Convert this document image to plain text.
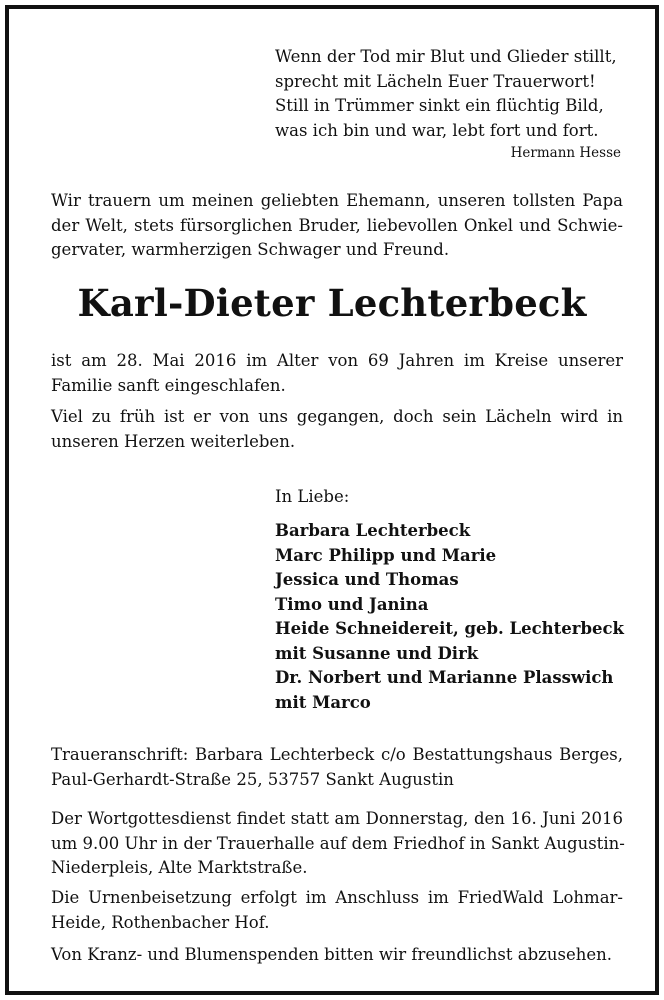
Wenn der Tod mir Blut und Glieder stillt,
sprecht mit Lächeln Euer Trauerwort!
Still in Trümmer sinkt ein flüchtig Bild,
was ich bin und war, lebt fort und fort.
Hermann Hesse
Wir trauern um meinen geliebten Ehemann, unseren tollsten Papa
der Welt, stets fürsorglichen Bruder, liebevollen Onkel und Schwie-
gervater, warmherzigen Schwager und Freund.
Karl-Dieter Lechterbeck
ist am 28. Mai 2016 im Alter von 69 Jahren im Kreise unserer
Familie sanft eingeschlafen.
Viel zu früh ist er von uns gegangen, doch sein Lächeln wird in
unseren Herzen weiterleben.
In Liebe:
Barbara Lechterbeck
Marc Philipp und Marie
Jessica und Thomas
Timo und Janina
Heide Schneidereit, geb. Lechterbeck
mit Susanne und Dirk
Dr. Norbert und Marianne Plasswich
mit Marco
Traueranschrift: Barbara Lechterbeck c/o Bestattungshaus Berges,
Paul-Gerhardt-Straße 25, 53757 Sankt Augustin
Der Wortgottesdienst findet statt am Donnerstag, den 16. Juni 2016
um 9.00 Uhr in der Trauerhalle auf dem Friedhof in Sankt Augustin-
Niederpleis, Alte Marktstraße.
Die Urnenbeisetzung erfolgt im Anschluss im FriedWald Lohmar-
Heide, Rothenbacher Hof.
Von Kranz- und Blumenspenden bitten wir freundlichst abzusehen.
